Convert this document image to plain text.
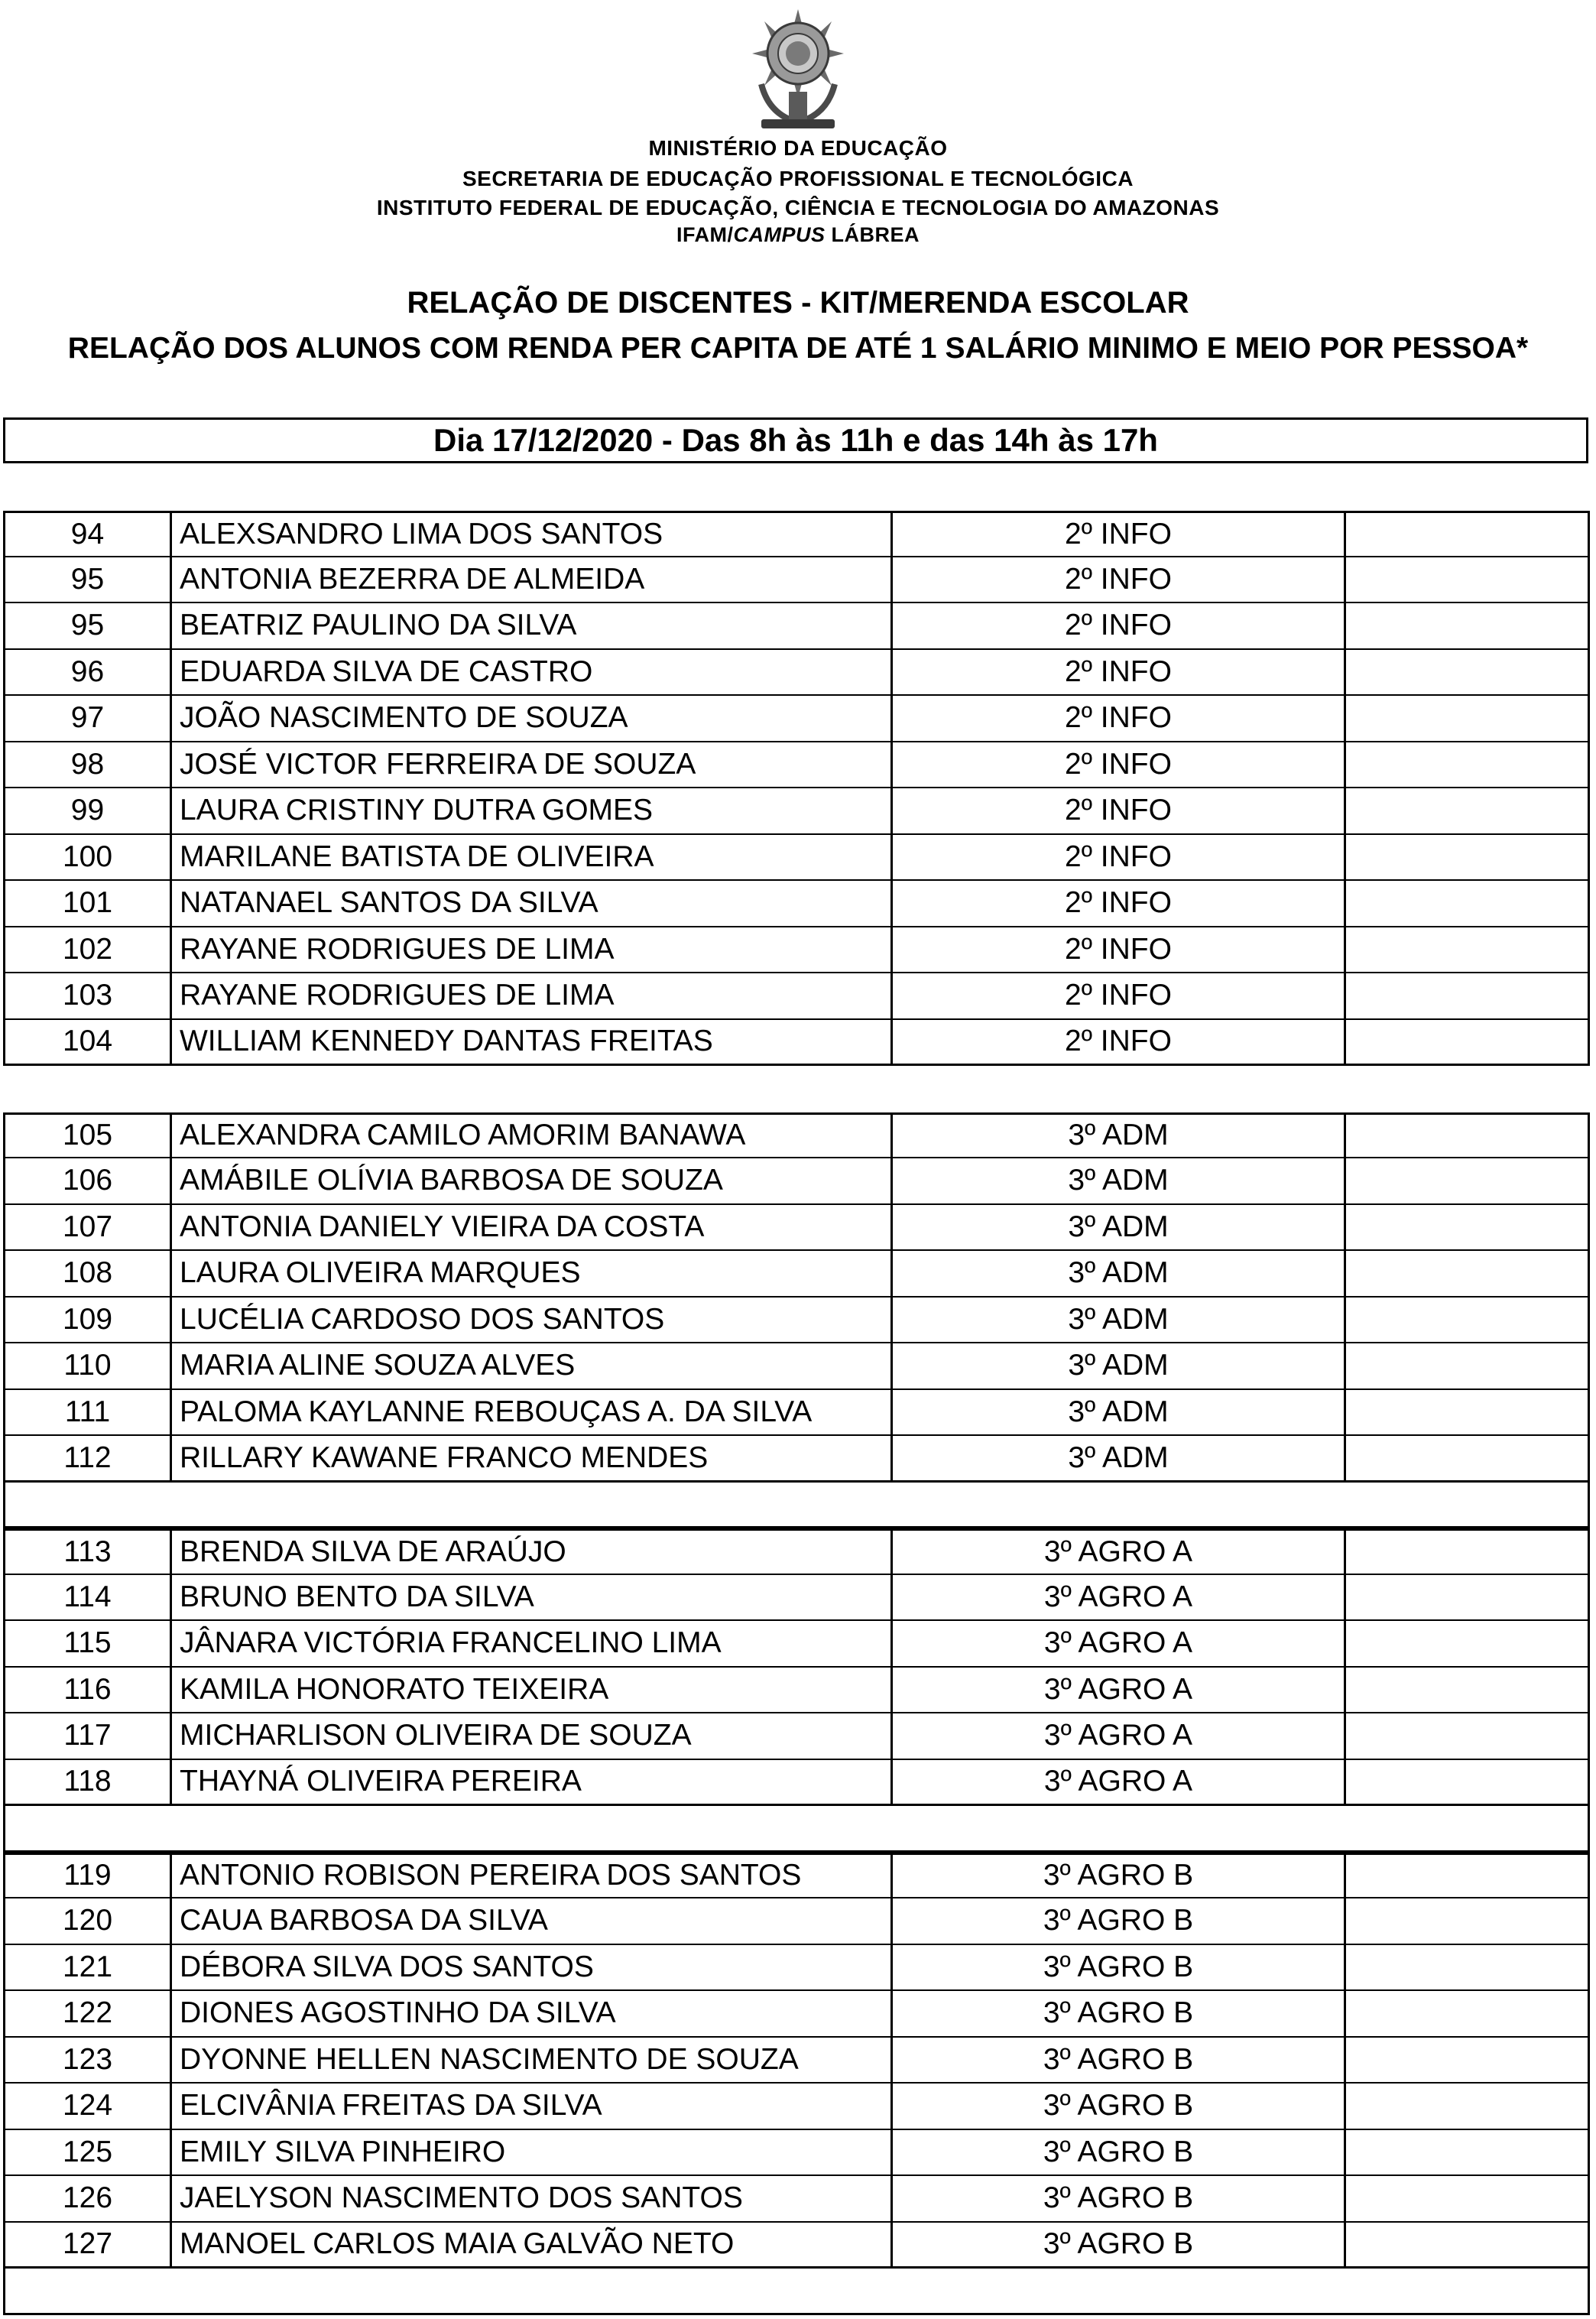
MINISTÉRIO DA EDUCAÇÃO
SECRETARIA DE EDUCAÇÃO PROFISSIONAL E TECNOLÓGICA
INSTITUTO FEDERAL DE EDUCAÇÃO, CIÊNCIA E TECNOLOGIA DO AMAZONAS
IFAM/CAMPUS LÁBREA
RELAÇÃO DE DISCENTES - KIT/MERENDA ESCOLAR
RELAÇÃO DOS ALUNOS COM RENDA PER CAPITA DE ATÉ 1 SALÁRIO MINIMO E MEIO POR PESSOA*
Dia 17/12/2020 - Das 8h às 11h e das 14h às 17h
94	ALEXSANDRO LIMA DOS SANTOS	2º INFO
95	ANTONIA BEZERRA DE ALMEIDA	2º INFO
95	BEATRIZ PAULINO DA SILVA	2º INFO
96	EDUARDA SILVA DE CASTRO	2º INFO
97	JOÃO NASCIMENTO DE SOUZA	2º INFO
98	JOSÉ VICTOR FERREIRA DE SOUZA	2º INFO
99	LAURA CRISTINY DUTRA GOMES	2º INFO
100	MARILANE BATISTA DE OLIVEIRA	2º INFO
101	NATANAEL SANTOS DA SILVA	2º INFO
102	RAYANE RODRIGUES DE LIMA	2º INFO
103	RAYANE RODRIGUES DE LIMA	2º INFO
104	WILLIAM KENNEDY DANTAS FREITAS	2º INFO
105	ALEXANDRA CAMILO AMORIM BANAWA	3º ADM
106	AMÁBILE OLÍVIA BARBOSA DE SOUZA	3º ADM
107	ANTONIA DANIELY VIEIRA DA COSTA	3º ADM
108	LAURA OLIVEIRA MARQUES	3º ADM
109	LUCÉLIA CARDOSO DOS SANTOS	3º ADM
110	MARIA ALINE SOUZA ALVES	3º ADM
111	PALOMA KAYLANNE REBOUÇAS A. DA SILVA	3º ADM
112	RILLARY KAWANE FRANCO MENDES	3º ADM
113	BRENDA SILVA DE ARAÚJO	3º AGRO A
114	BRUNO BENTO DA SILVA	3º AGRO A
115	JÂNARA VICTÓRIA FRANCELINO LIMA	3º AGRO A
116	KAMILA HONORATO TEIXEIRA	3º AGRO A
117	MICHARLISON OLIVEIRA DE SOUZA	3º AGRO A
118	THAYNÁ OLIVEIRA PEREIRA	3º AGRO A
119	ANTONIO ROBISON PEREIRA DOS SANTOS	3º AGRO B
120	CAUA BARBOSA DA SILVA	3º AGRO B
121	DÉBORA SILVA DOS SANTOS	3º AGRO B
122	DIONES AGOSTINHO DA SILVA	3º AGRO B
123	DYONNE HELLEN NASCIMENTO DE SOUZA	3º AGRO B
124	ELCIVÂNIA FREITAS DA SILVA	3º AGRO B
125	EMILY SILVA PINHEIRO	3º AGRO B
126	JAELYSON NASCIMENTO DOS SANTOS	3º AGRO B
127	MANOEL CARLOS MAIA GALVÃO NETO	3º AGRO B
